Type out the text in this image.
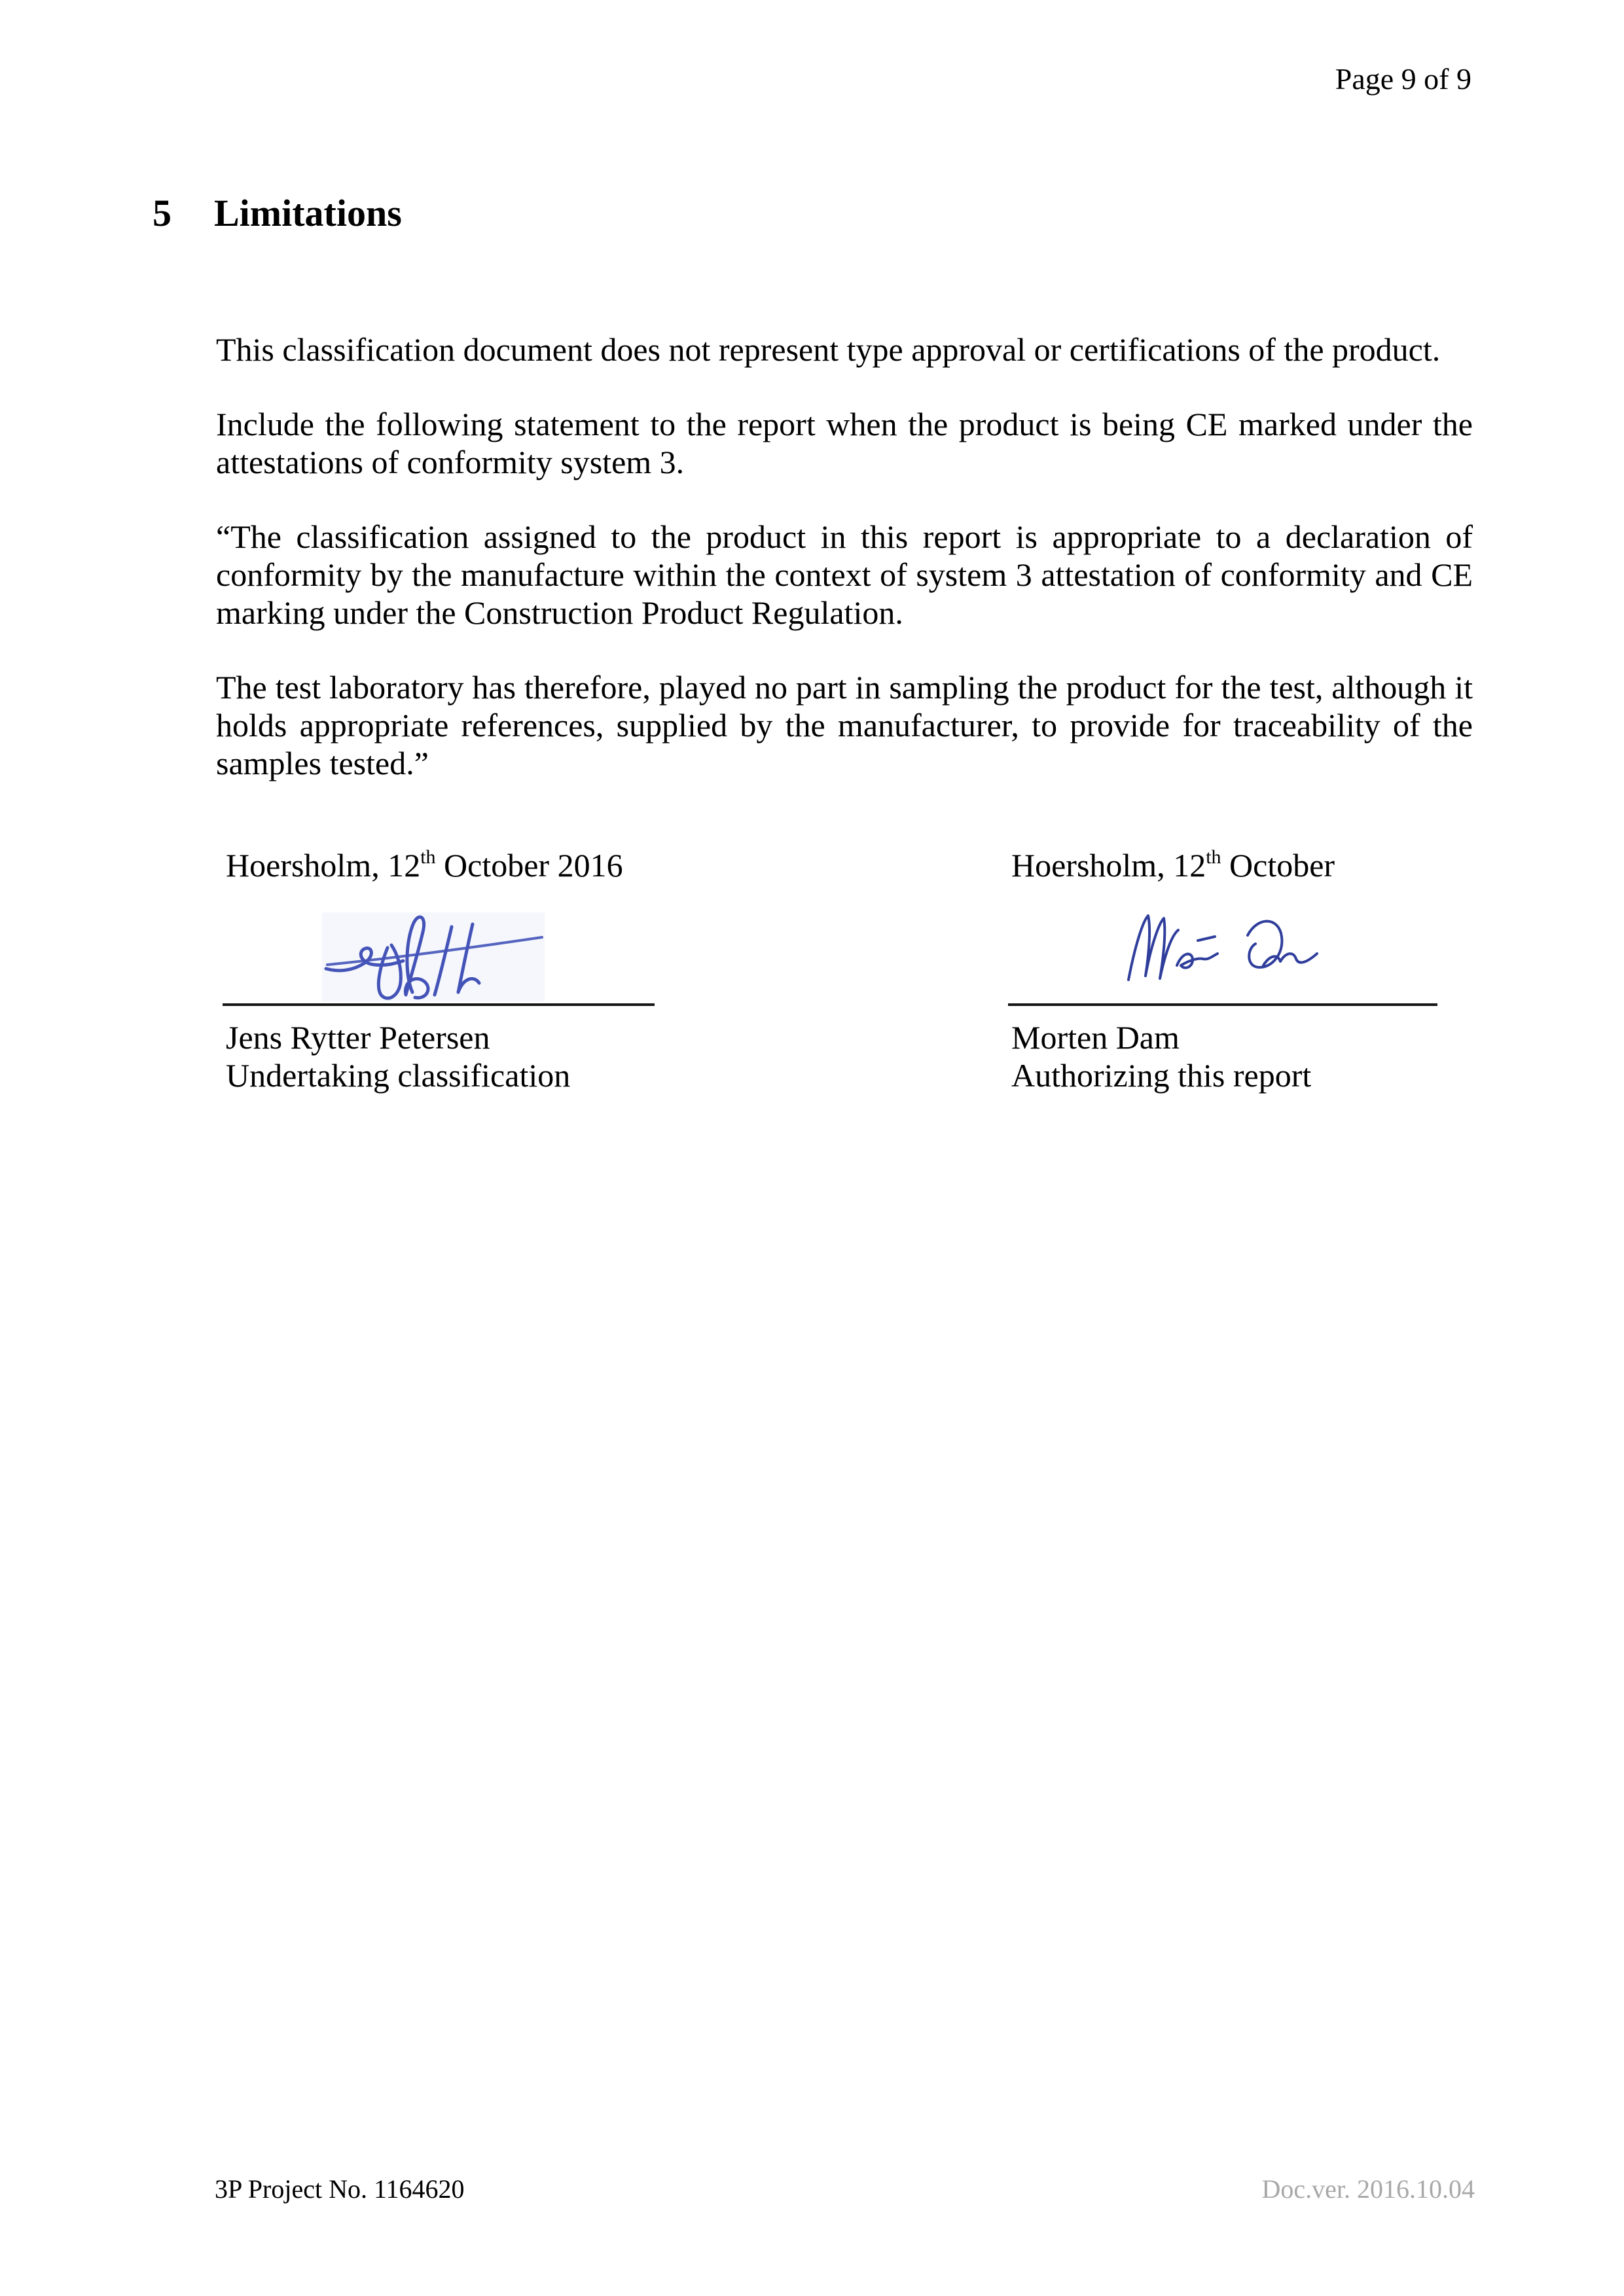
Page 9 of 9
5 Limitations

This classification document does not represent type approval or certifications of the product.

Include the following statement to the report when the product is being CE marked under the attestations of conformity system 3.

“The classification assigned to the product in this report is appropriate to a declaration of conformity by the manufacture within the context of system 3 attestation of conformity and CE marking under the Construction Product Regulation.

The test laboratory has therefore, played no part in sampling the product for the test, although it holds appropriate references, supplied by the manufacturer, to provide for traceability of the samples tested.”

Hoersholm, 12th October 2016
Jens Rytter Petersen
Undertaking classification
Hoersholm, 12th October
Morten Dam
Authorizing this report
3P Project No. 1164620	Doc.ver. 2016.10.04
